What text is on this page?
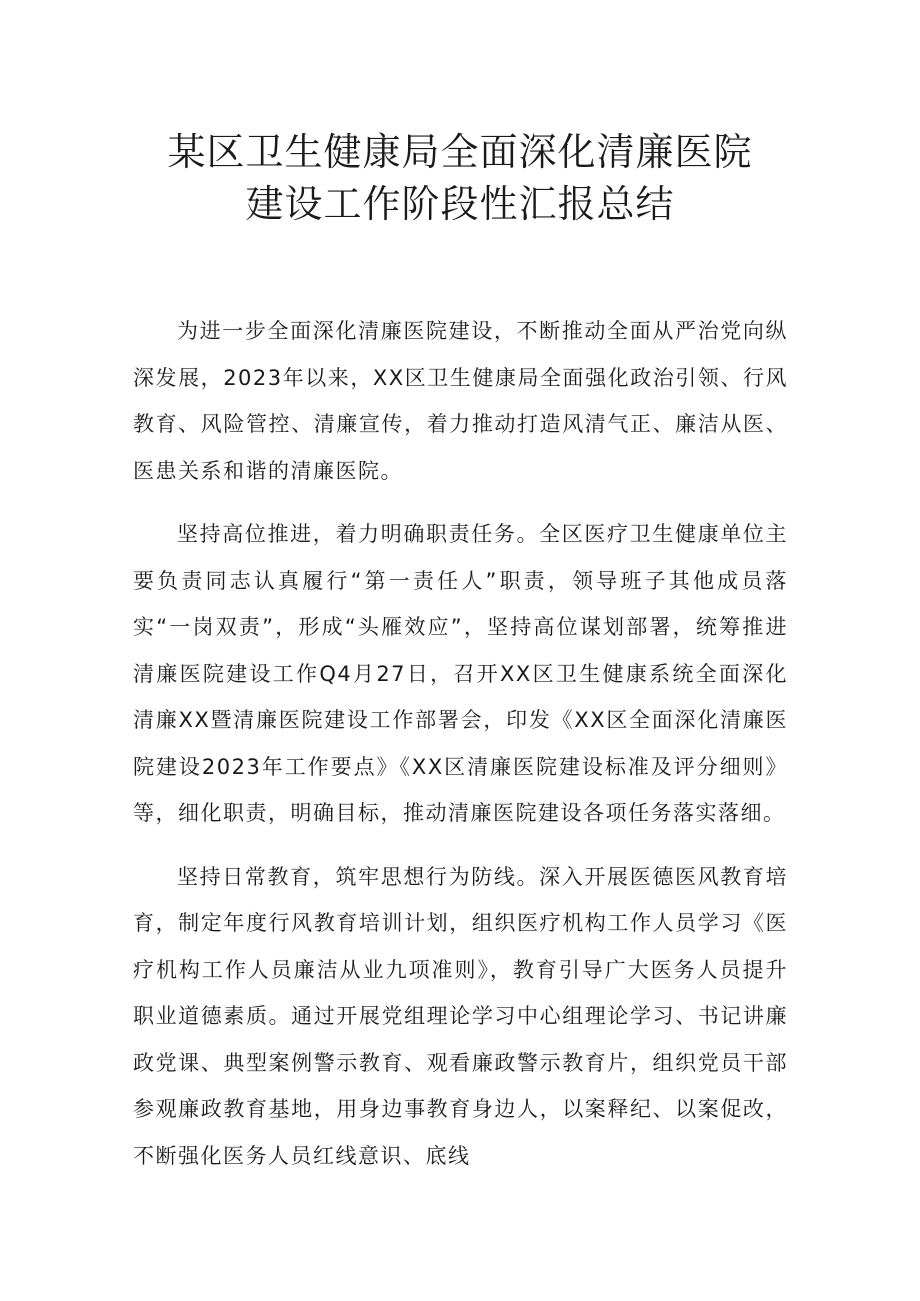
某区卫生健康局全面深化清廉医院
建设工作阶段性汇报总结

为进一步全面深化清廉医院建设，不断推动全面从严治党向纵深发展，2023年以来，XX区卫生健康局全面强化政治引领、行风教育、风险管控、清廉宣传，着力推动打造风清气正、廉洁从医、医患关系和谐的清廉医院。

坚持高位推进，着力明确职责任务。全区医疗卫生健康单位主要负责同志认真履行“第一责任人”职责，领导班子其他成员落实“一岗双责”，形成“头雁效应”，坚持高位谋划部署，统筹推进清廉医院建设工作Q4月27日，召开XX区卫生健康系统全面深化清廉XX暨清廉医院建设工作部署会，印发《XX区全面深化清廉医院建设2023年工作要点》《XX区清廉医院建设标准及评分细则》等，细化职责，明确目标，推动清廉医院建设各项任务落实落细。

坚持日常教育，筑牢思想行为防线。深入开展医德医风教育培育，制定年度行风教育培训计划，组织医疗机构工作人员学习《医疗机构工作人员廉洁从业九项准则》，教育引导广大医务人员提升职业道德素质。通过开展党组理论学习中心组理论学习、书记讲廉政党课、典型案例警示教育、观看廉政警示教育片，组织党员干部参观廉政教育基地，用身边事教育身边人，以案释纪、以案促改，不断强化医务人员红线意识、底线
